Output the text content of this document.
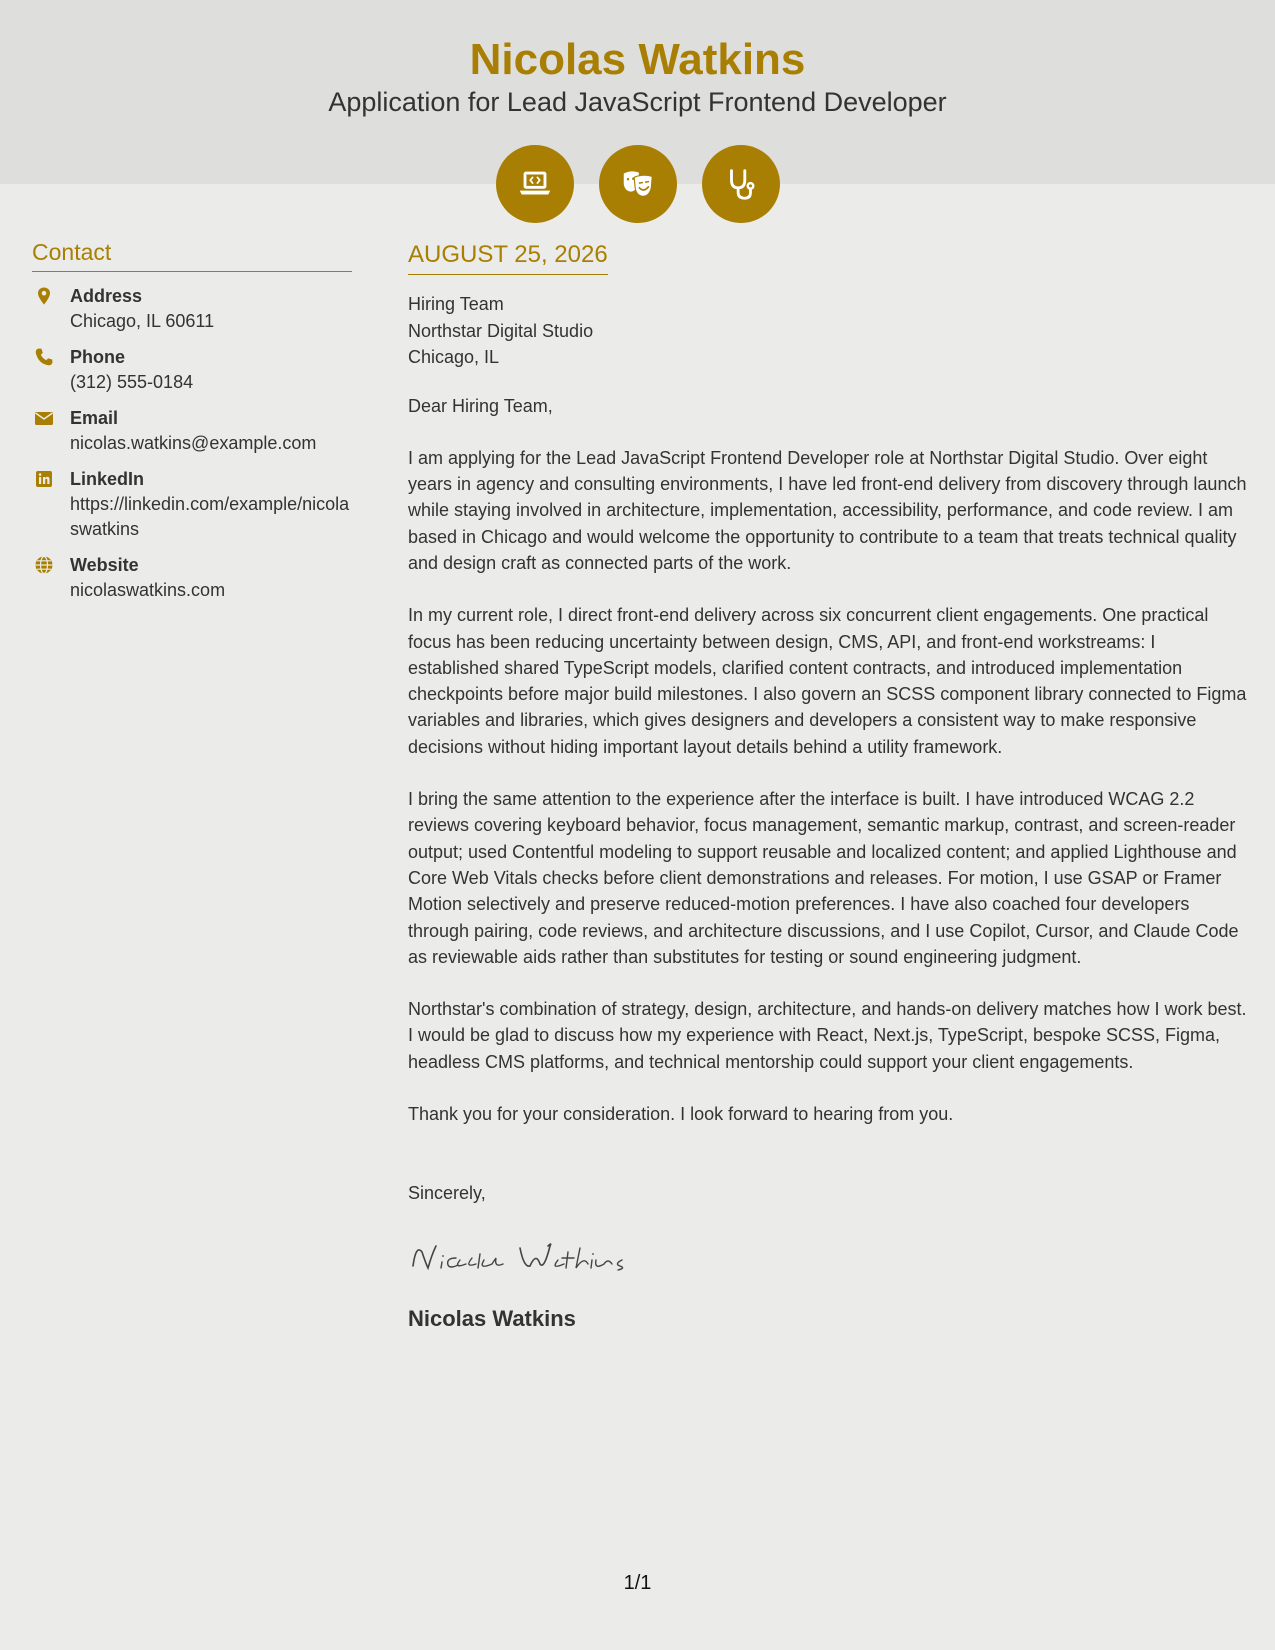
Nicolas Watkins
Application for Lead JavaScript Frontend Developer
Contact
Address
Chicago, IL 60611
Phone
(312) 555-0184
Email
nicolas.watkins@example.com
LinkedIn
https://linkedin.com/example/nicolaswatkins
Website
nicolaswatkins.com
AUGUST 25, 2026
Hiring Team
Northstar Digital Studio
Chicago, IL

Dear Hiring Team,

I am applying for the Lead JavaScript Frontend Developer role at Northstar Digital Studio. Over eight years in agency and consulting environments, I have led front-end delivery from discovery through launch while staying involved in architecture, implementation, accessibility, performance, and code review. I am based in Chicago and would welcome the opportunity to contribute to a team that treats technical quality and design craft as connected parts of the work.

In my current role, I direct front-end delivery across six concurrent client engagements. One practical focus has been reducing uncertainty between design, CMS, API, and front-end workstreams: I established shared TypeScript models, clarified content contracts, and introduced implementation checkpoints before major build milestones. I also govern an SCSS component library connected to Figma variables and libraries, which gives designers and developers a consistent way to make responsive decisions without hiding important layout details behind a utility framework.

I bring the same attention to the experience after the interface is built. I have introduced WCAG 2.2 reviews covering keyboard behavior, focus management, semantic markup, contrast, and screen-reader output; used Contentful modeling to support reusable and localized content; and applied Lighthouse and Core Web Vitals checks before client demonstrations and releases. For motion, I use GSAP or Framer Motion selectively and preserve reduced-motion preferences. I have also coached four developers through pairing, code reviews, and architecture discussions, and I use Copilot, Cursor, and Claude Code as reviewable aids rather than substitutes for testing or sound engineering judgment.

Northstar's combination of strategy, design, architecture, and hands-on delivery matches how I work best. I would be glad to discuss how my experience with React, Next.js, TypeScript, bespoke SCSS, Figma, headless CMS platforms, and technical mentorship could support your client engagements.

Thank you for your consideration. I look forward to hearing from you.

Sincerely,
Nicolas Watkins
1/1
